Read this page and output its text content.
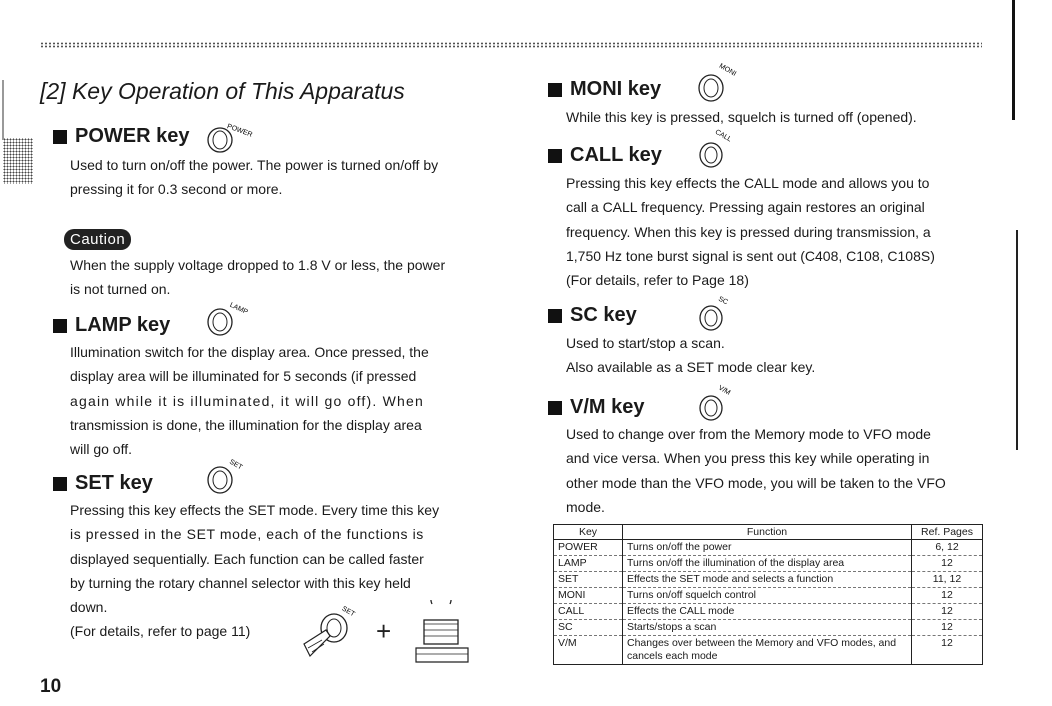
[2] Key Operation of This Apparatus
POWER key	POWER
Used to turn on/off the power. The power is turned on/off by
pressing it for 0.3 second or more.
Caution
When the supply voltage dropped to 1.8 V or less, the power
is not turned on.
LAMP key
LAMP
Illumination switch for the display area. Once pressed, the
display area will be illuminated for 5 seconds (if pressed
again while it is illuminated, it will go off). When
transmission is done, the illumination for the display area
will go off.
SET key
SET
Pressing this key effects the SET mode. Every time this key
is pressed in the SET mode, each of the functions is
displayed sequentially. Each function can be called faster
by turning the rotary channel selector with this key held
down.
(For details, refer to page 11)
SET
+
10
MONI key
MONI
While this key is pressed, squelch is turned off (opened).
CALL key
CALL
Pressing this key effects the CALL mode and allows you to
call a CALL frequency. Pressing again restores an original
frequency. When this key is pressed during transmission, a
1,750 Hz tone burst signal is sent out (C408, C108, C108S)
(For details, refer to Page 18)
SC key
SC
Used to start/stop a scan.
Also available as a SET mode clear key.
V/M key
V/M
Used to change over from the Memory mode to VFO mode
and vice versa. When you press this key while operating in
other mode than the VFO mode, you will be taken to the VFO
mode.
Key	Function	Ref. Pages
POWER	Turns on/off the power	6, 12
LAMP	Turns on/off the illumination of the display area	12
SET	Effects the SET mode and selects a function	11, 12
MONI	Turns on/off squelch control	12
CALL	Effects the CALL mode	12
SC	Starts/stops a scan	12
V/M	Changes over between the Memory and VFO modes, and cancels each mode	12
